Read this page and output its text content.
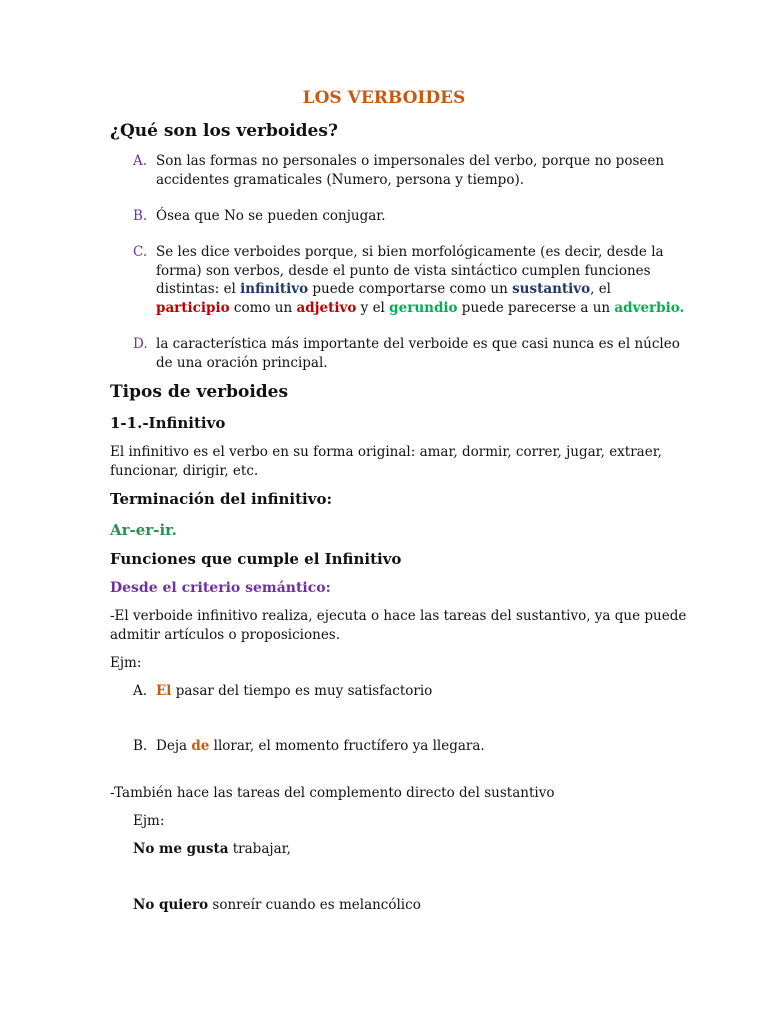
LOS VERBOIDES
¿Qué son los verboides?
A. Son las formas no personales o impersonales del verbo, porque no poseen
accidentes gramaticales (Numero, persona y tiempo).
B. Ósea que No se pueden conjugar.
C. Se les dice verboides porque, si bien morfológicamente (es decir, desde la
forma) son verbos, desde el punto de vista sintáctico cumplen funciones
distintas: el infinitivo puede comportarse como un sustantivo, el
participio como un adjetivo y el gerundio puede parecerse a un adverbio.
D. la característica más importante del verboide es que casi nunca es el núcleo
de una oración principal.
Tipos de verboides
1-1.-Infinitivo
El infinitivo es el verbo en su forma original: amar, dormir, correr, jugar, extraer,
funcionar, dirigir, etc.
Terminación del infinitivo:
Ar-er-ir.
Funciones que cumple el Infinitivo
Desde el criterio semántico:
-El verboide infinitivo realiza, ejecuta o hace las tareas del sustantivo, ya que puede
admitir artículos o proposiciones.
Ejm:
A. El pasar del tiempo es muy satisfactorio
B. Deja de llorar, el momento fructífero ya llegara.
-También hace las tareas del complemento directo del sustantivo
Ejm:
No me gusta trabajar,
No quiero sonreír cuando es melancólico
